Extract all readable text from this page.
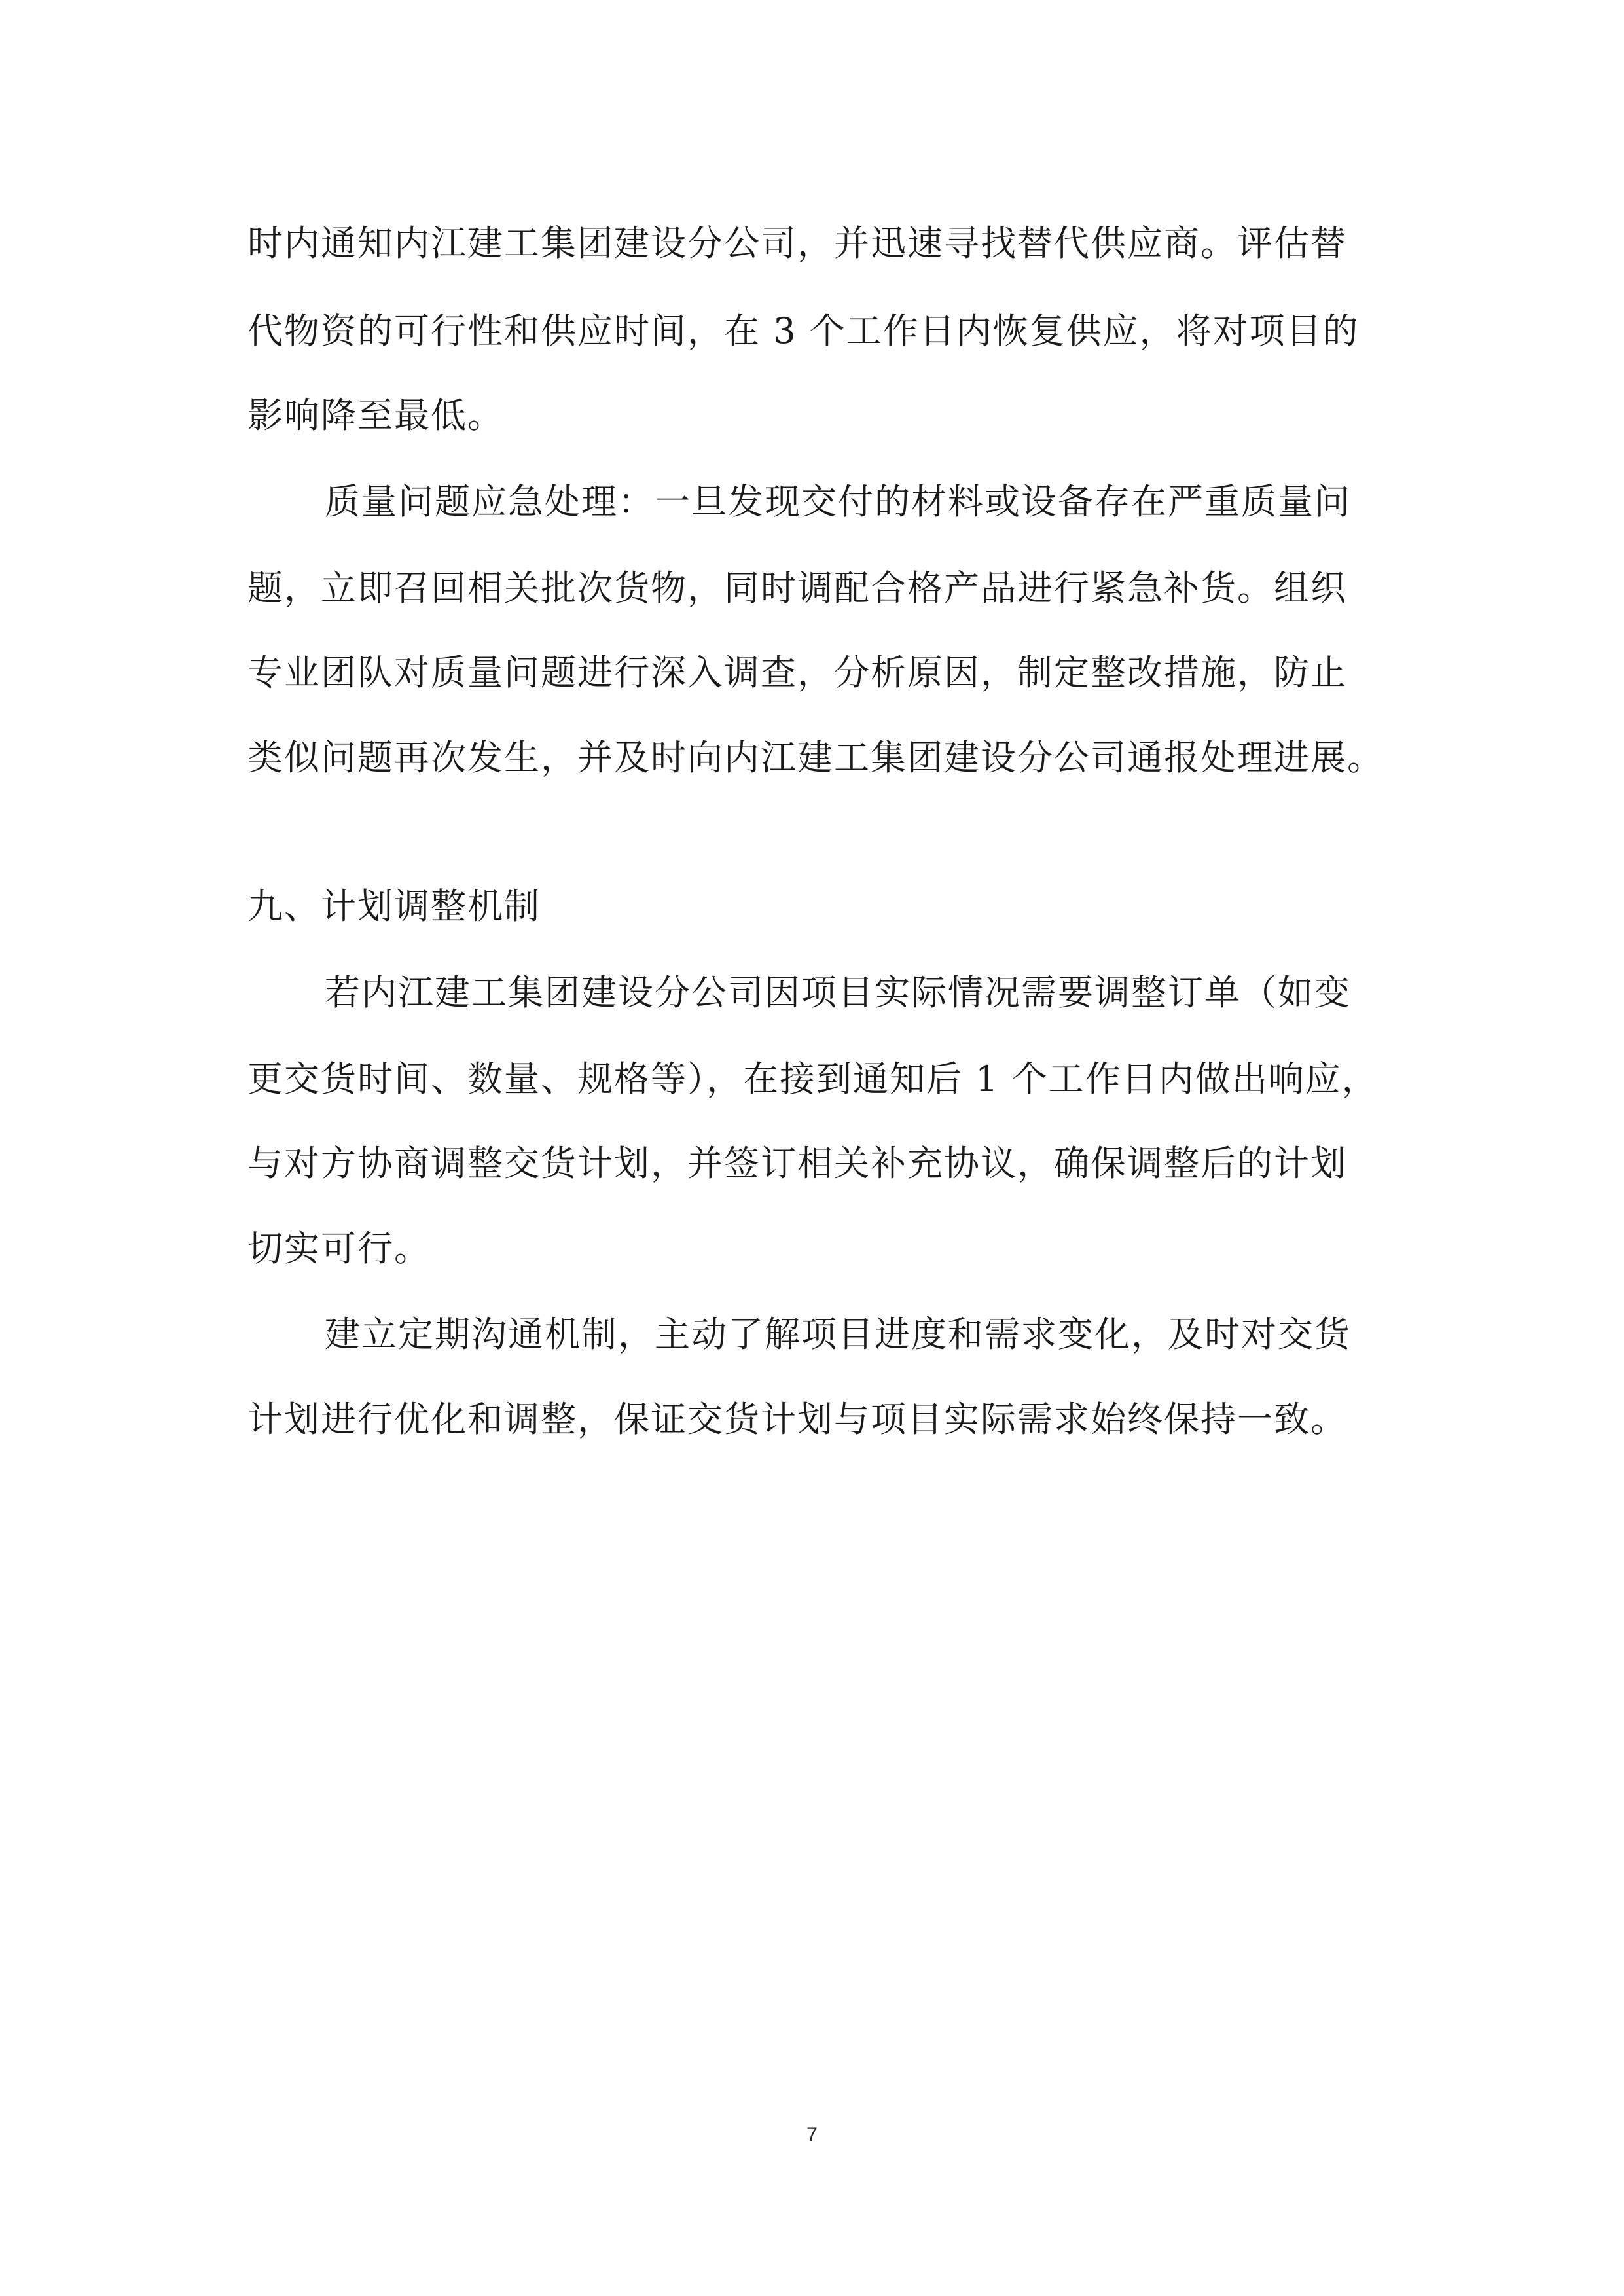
时内通知内江建工集团建设分公司，并迅速寻找替代供应商。评估替
代物资的可行性和供应时间，在 3 个工作日内恢复供应，将对项目的
影响降至最低。
质量问题应急处理：一旦发现交付的材料或设备存在严重质量问
题，立即召回相关批次货物，同时调配合格产品进行紧急补货。组织
专业团队对质量问题进行深入调查，分析原因，制定整改措施，防止
类似问题再次发生，并及时向内江建工集团建设分公司通报处理进展。
九、计划调整机制
若内江建工集团建设分公司因项目实际情况需要调整订单（如变
更交货时间、数量、规格等），在接到通知后 1 个工作日内做出响应，
与对方协商调整交货计划，并签订相关补充协议，确保调整后的计划
切实可行。
建立定期沟通机制，主动了解项目进度和需求变化，及时对交货
计划进行优化和调整，保证交货计划与项目实际需求始终保持一致。
7
